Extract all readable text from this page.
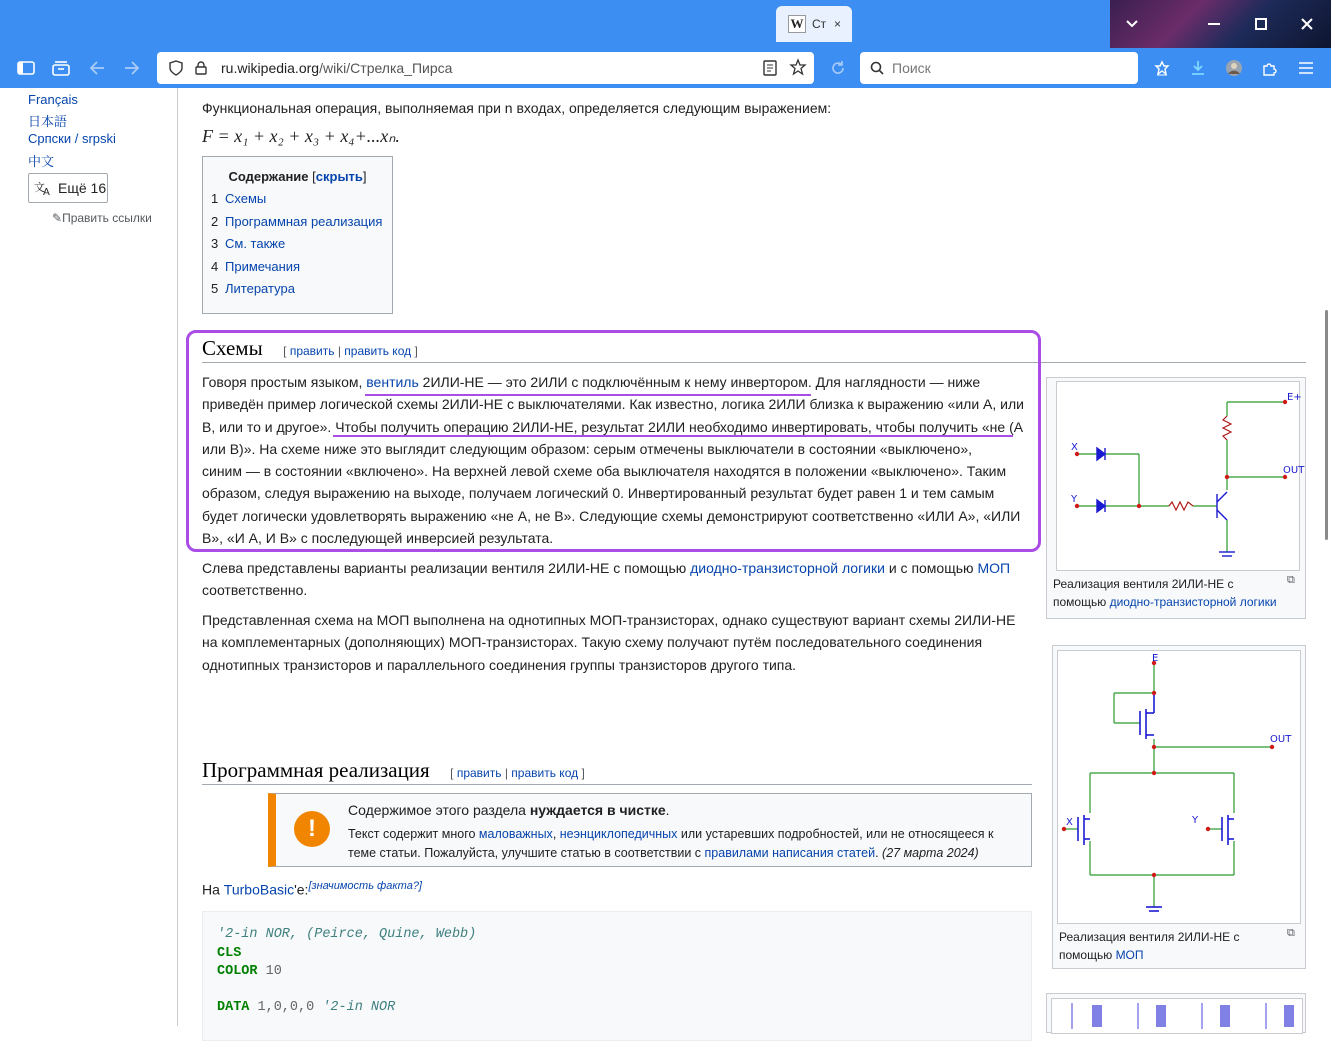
W Ст ×
ru.wikipedia.org /wiki/Стрелка_Пирса	Поиск
Français
日本語
Српски / srpski
中文
文
A Ещё 16
✎Править ссылки
Функциональная операция, выполняемая при n входах, определяется следующим выражением:
F = x₁ + x₂ + x₃ + x₄+...xₙ.
Содержание [скрыть]
1 Схемы
2 Программная реализация
3 См. также
4 Примечания
5 Литература
Схемы [ править | править код ]
Говоря простым языком, вентиль 2ИЛИ-НЕ — это 2ИЛИ с подключённым к нему инвертором. Для наглядности — ниже
приведён пример логической схемы 2ИЛИ-НЕ с выключателями. Как известно, логика 2ИЛИ близка к выражению «или А, или
В, или то и другое». Чтобы получить операцию 2ИЛИ-НЕ, результат 2ИЛИ необходимо инвертировать, чтобы получить «не (А
или В)». На схеме ниже это выглядит следующим образом: серым отмечены выключатели в состоянии «выключено»,
синим — в состоянии «включено». На верхней левой схеме оба выключателя находятся в положении «выключено». Таким
образом, следуя выражению на выходе, получаем логический 0. Инвертированный результат будет равен 1 и тем самым
будет логически удовлетворять выражению «не А, не В». Следующие схемы демонстрируют соответственно «ИЛИ А», «ИЛИ
В», «И А, И В» с последующей инверсией результата.
Слева представлены варианты реализации вентиля 2ИЛИ-НЕ с помощью диодно-транзисторной логики и с помощью МОП
соответственно.
Представленная схема на МОП выполнена на однотипных МОП-транзисторах, однако существуют вариант схемы 2ИЛИ-НЕ
на комплементарных (дополняющих) МОП-транзисторах. Такую схему получают путём последовательного соединения
однотипных транзисторов и параллельного соединения группы транзисторов другого типа.
Программная реализация [ править | править код ]
!
Содержимое этого раздела нуждается в чистке.
Текст содержит много маловажных, неэнциклопедичных или устаревших подробностей, или не относящееся к
теме статьи. Пожалуйста, улучшите статью в соответствии с правилами написания статей. (27 марта 2024)
На TurboBasic'е:[значимость факта?]
'2-in NOR, (Peirce, Quine, Webb)
CLS
COLOR 10
DATA 1,0,0,0 '2-in NOR
E+
OUT
X
Y
⧉
Реализация вентиля 2ИЛИ-НЕ с
помощью диодно-транзисторной логики
E
OUT
X	Y
⧉
Реализация вентиля 2ИЛИ-НЕ с
помощью МОП
